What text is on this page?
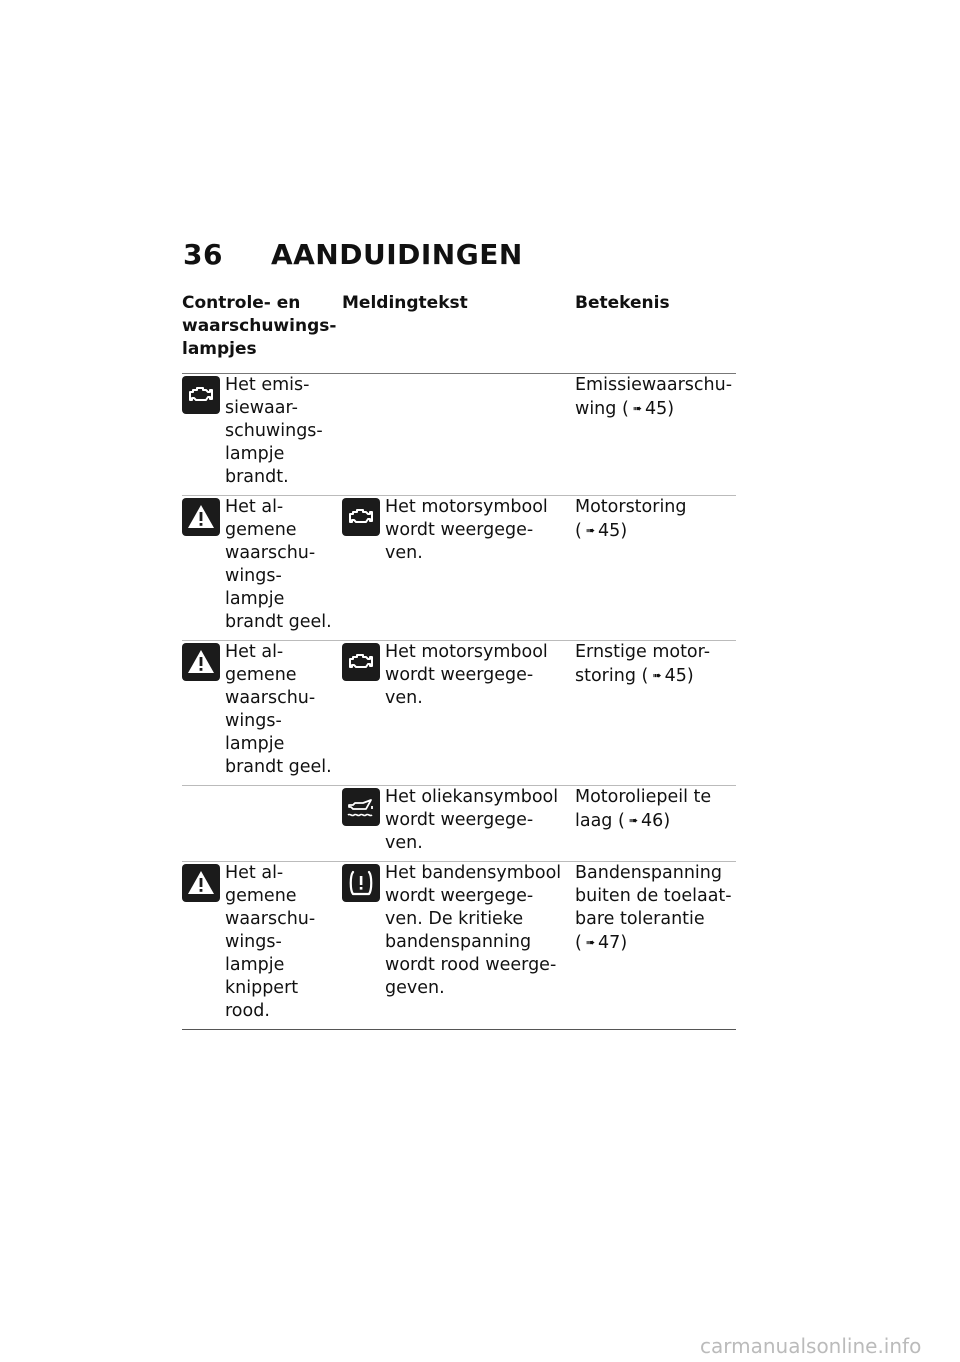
36 AANDUIDINGEN
Controle- en waarschuwings- lampjes	Meldingtekst	Betekenis

Het emis- siewaar- schuwings- lampje brandt.		Emissiewaarschu- wing ( ➠ 45)

Het al- gemene waarschu- wings- lampje brandt geel.	Het motorsymbool wordt weergege- ven.	Motorstoring ( ➠ 45)

Het al- gemene waarschu- wings- lampje brandt geel.	Het motorsymbool wordt weergege- ven.	Ernstige motor- storing ( ➠ 45)

	Het oliekansymbool wordt weergege- ven.	Motoroliepeil te laag ( ➠ 46)

Het al- gemene waarschu- wings- lampje knippert rood.	Het bandensymbool wordt weergege- ven. De kritieke bandenspanning wordt rood weerge- geven.	Bandenspanning buiten de toelaat- bare tolerantie ( ➠ 47)
carmanualsonline.info
